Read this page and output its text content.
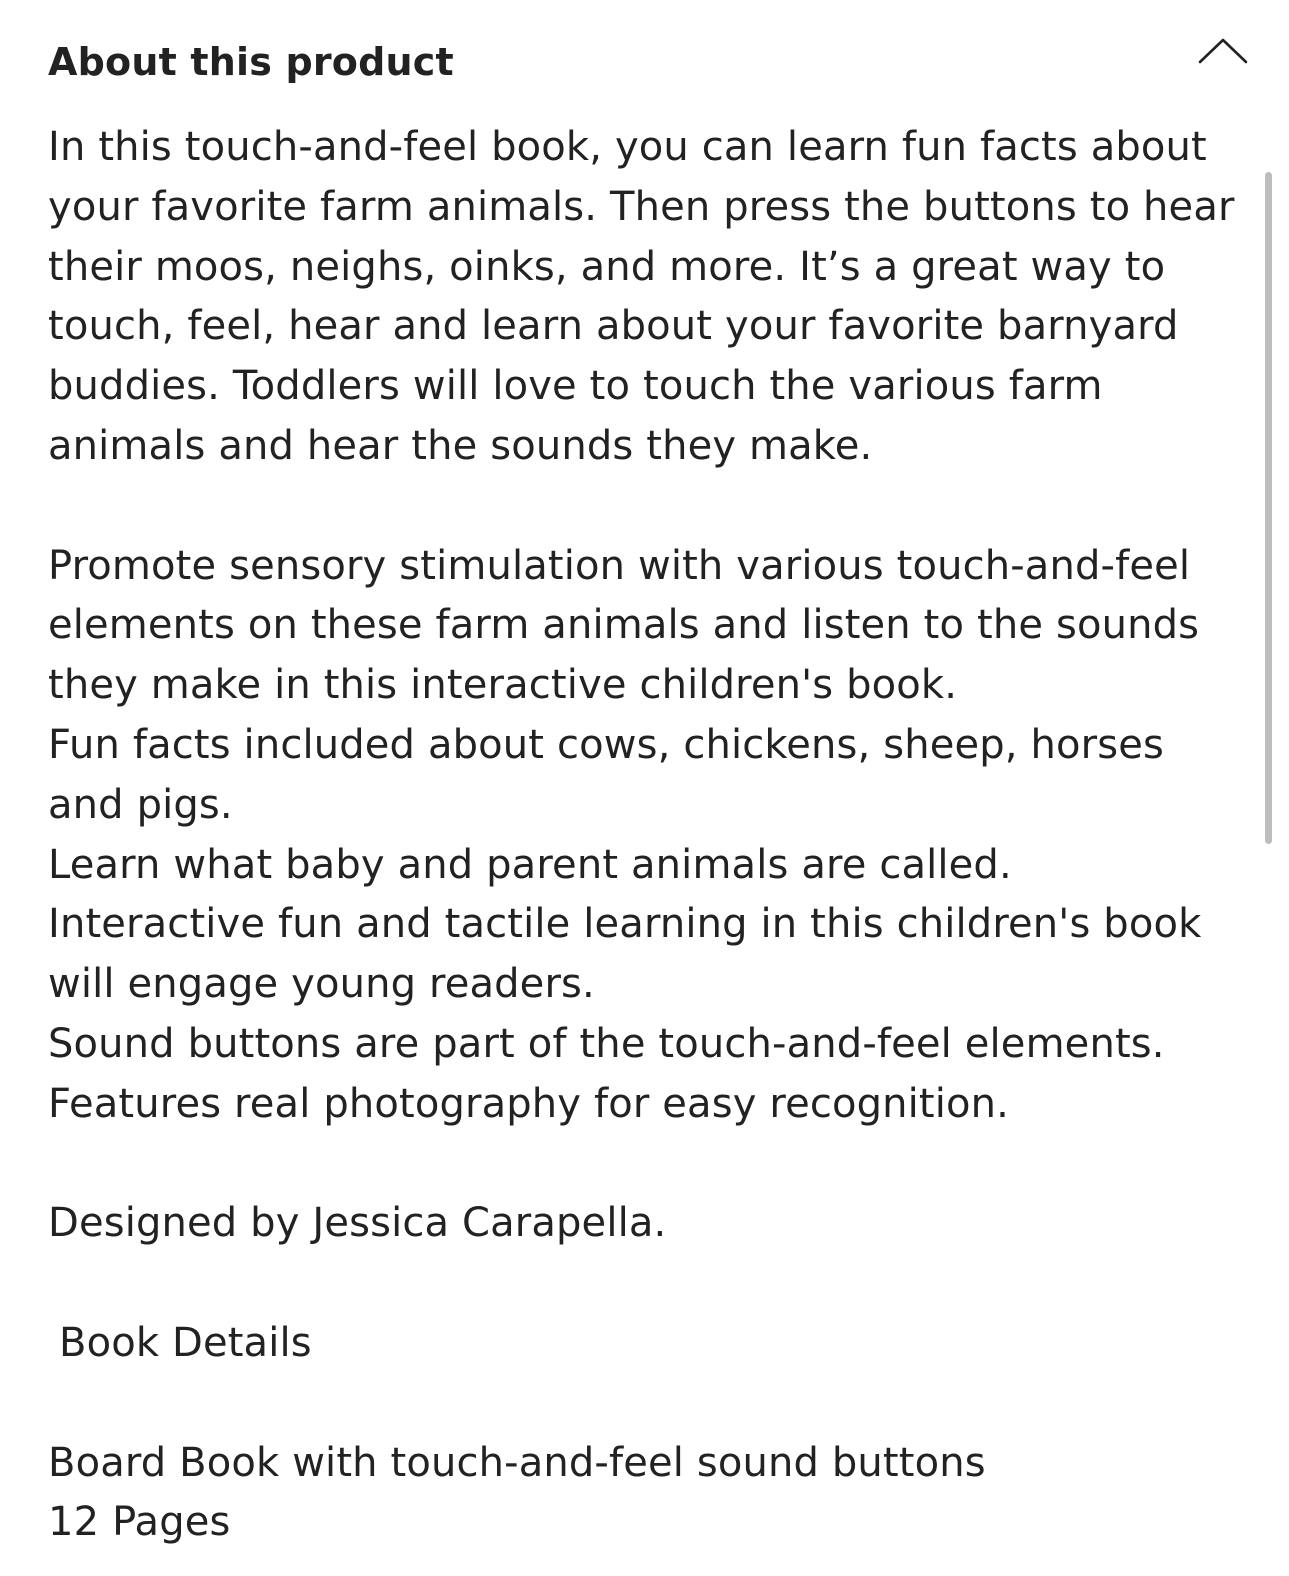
About this product

In this touch-and-feel book, you can learn fun facts about
your favorite farm animals. Then press the buttons to hear
their moos, neighs, oinks, and more. It’s a great way to
touch, feel, hear and learn about your favorite barnyard
buddies. Toddlers will love to touch the various farm
animals and hear the sounds they make.

Promote sensory stimulation with various touch-and-feel
elements on these farm animals and listen to the sounds
they make in this interactive children's book.
Fun facts included about cows, chickens, sheep, horses
and pigs.
Learn what baby and parent animals are called.
Interactive fun and tactile learning in this children's book
will engage young readers.
Sound buttons are part of the touch-and-feel elements.
Features real photography for easy recognition.

Designed by Jessica Carapella.

Book Details

Board Book with touch-and-feel sound buttons
12 Pages
